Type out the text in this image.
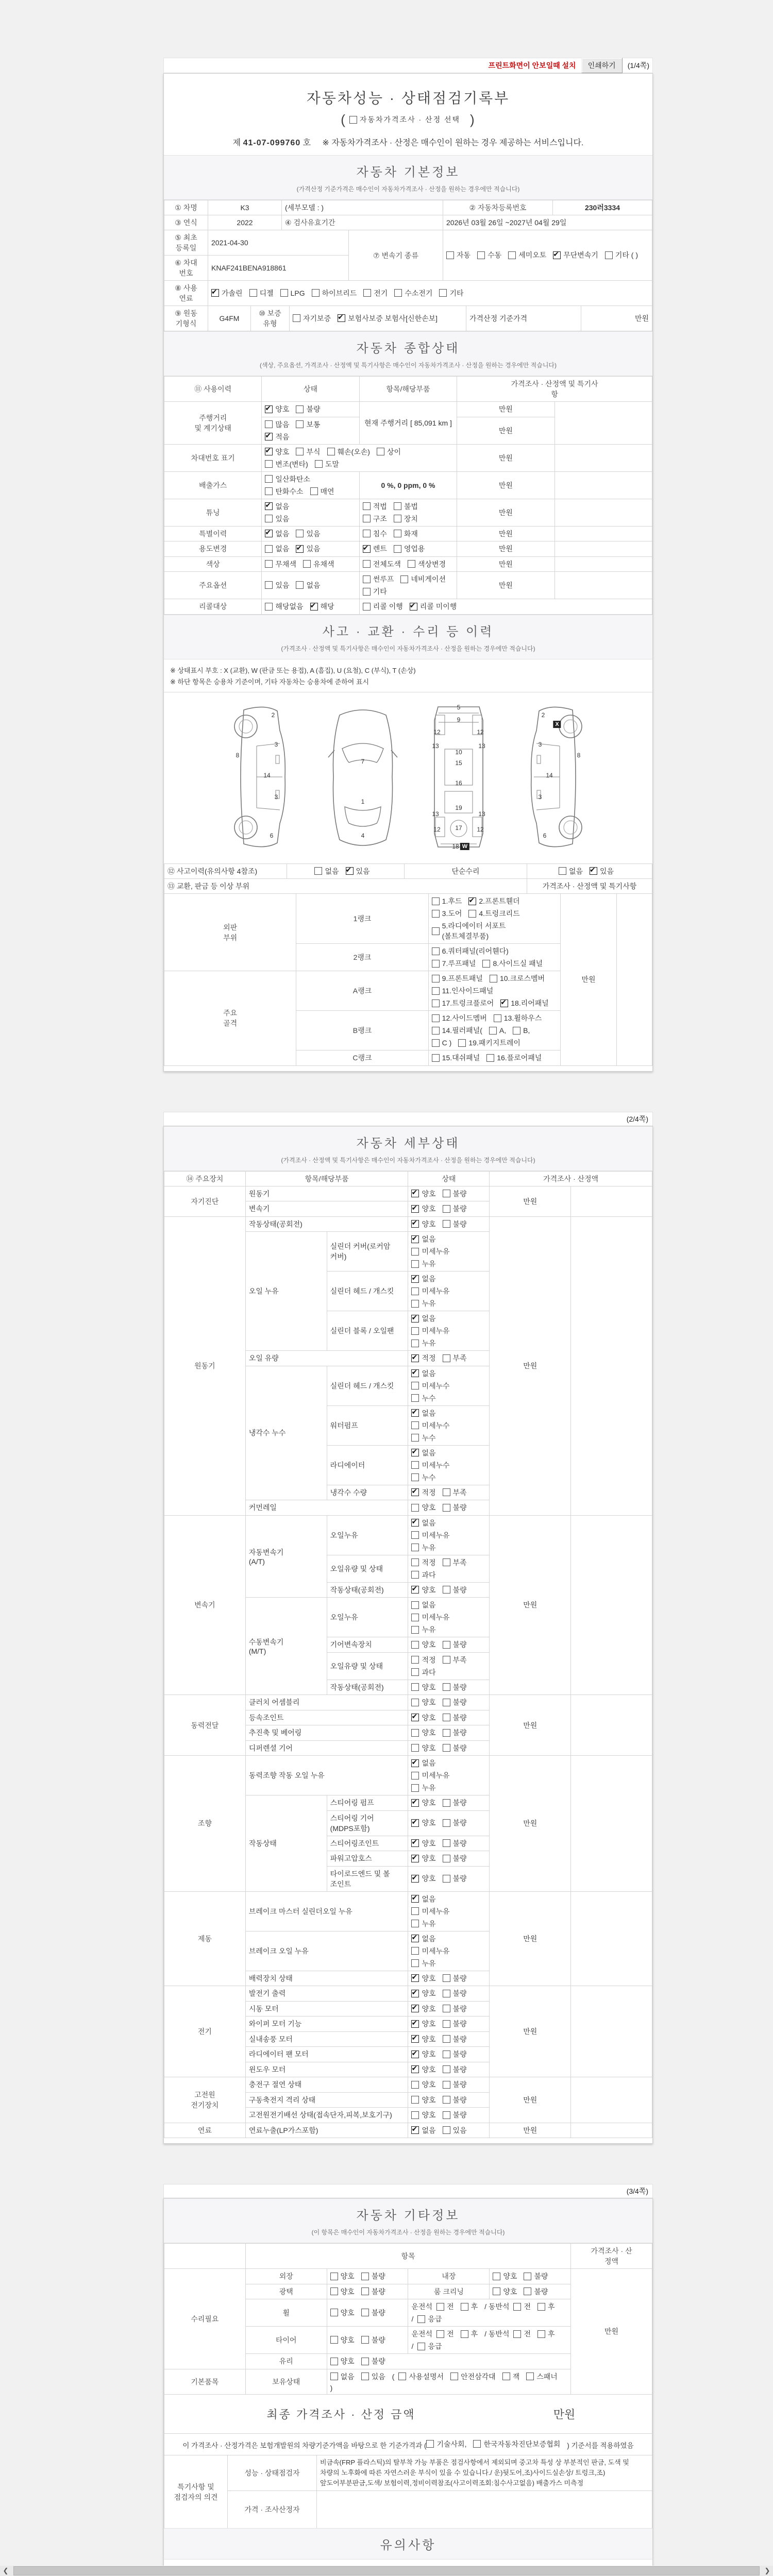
프린트화면이 안보일때 설치	인쇄하기	(1/4쪽)
자동차성능 · 상태점검기록부
( 자동차가격조사 · 산정 선택 )
제 41-07-099760 호 ※ 자동차가격조사 · 산정은 매수인이 원하는 경우 제공하는 서비스입니다.
자동차 기본정보
(가격산정 기준가격은 매수인이 자동차가격조사 · 산정을 원하는 경우에만 적습니다)
① 차명	K3	(세부모델 : )	② 자동차등록번호	230러3334
③ 연식	2022	④ 검사유효기간	2026년 03월 26일 ~2027년 04월 29일	
⑤ 최초
등록일	2021-04-30	⑦ 변속기 종류	자동 수동 세미오토 ✔ 무단변속기 기타 ( )

⑥ 차대
번호	KNAF241BENA918861		
⑧ 사용
연료	
✔
가솔린 디젤 LPG 하이브리드 전기 수소전기 기타
⑨ 원동
기형식	G4FM	⑩ 보증
유형	
자기보증 ✔ 보험사보증 보험사[신한손보]	가격산정 기준가격	만원
자동차 종합상태
(색상, 주요옵션, 가격조사 · 산정액 및 특기사항은 매수인이 자동차가격조사 · 산정을 원하는 경우에만 적습니다)
⑪ 사용이력	상태	항목/해당부품	가격조사 · 산정액 및 특기사
항	
주행거리
및 계기상태	
✔
양호 불량	현재 주행거리 [ 85,091 km ]	만원	

	많음 보통
✔
적음		만원	
차대번호 표기	
✔
양호 부식 훼손(오손) 상이
변조(변타) 도말
	만원	
배출가스	일산화탄소
탄화수소 매연	0 %, 0 ppm, 0 %	만원	
튜닝	
✔
없음
있음	적법 불법
구조 장치	만원	
특별이력	
✔없음 있음	침수 화재	만원	
용도변경	없음 ✔ 있음

✔렌트 영업용	만원	
색상	무채색 유채색	전체도색 색상변경	만원	
주요옵션	있음 없음	썬루프 네비게이션
기타	만원	
리콜대상	해당없음 ✔ 해당	리콜 이행 ✔ 리콜 미이행
사고 · 교환 · 수리 등 이력
(가격조사 · 산정액 및 특기사항은 매수인이 자동차가격조사 · 산정을 원하는 경우에만 적습니다)
※ 상태표시 부호 : X (교환), W (판금 또는 용접), A (흠집), U (요철), C (부식), T (손상)
※ 하단 항목은 승용차 기준이며, 기타 자동차는 승용차에 준하여 표시
2
3
8
14
3
6
7
1
4
5
9
12	12
13	13
10
15
16
19
13	13
12 17 12
18 W
2
X
3
8
14
3
6
⑫ 사고이력(유의사항 4참조)	없음 ✔ 있음	단순수리	없음 ✔ 있음

⑬ 교환, 판금 등 이상 부위			가격조사 · 산정액 및 특기사항
외판
부위	1랭크	1.후드 ✔ 2.프론트휀더
3.도어 4.트렁크리드
5.라디에이터 서포트(볼트체결부품)	만원	
	2랭크	6.쿼터패널(리어휀다)
7.루프패널 8.사이드실 패널		

주요
골격	A랭크	9.프론트패널 10.크로스멤버
11.인사이드패널
17.트렁크플로어 ✔ 18.리어패널

B랭크	
12.사이드멤버 13.휠하우스
14.필러패널( A, B,
C ) 19.패키지트레이

	C랭크	15.대쉬패널 16.플로어패널		
(2/4쪽)
자동차 세부상태
(가격조사 · 산정액 및 특기사항은 매수인이 자동차가격조사 · 산정을 원하는 경우에만 적습니다)
⑭ 주요장치	항목/해당부품		상태	가격조사 · 산정액	
자기진단	원동기	
✔양호 불량	만원	
	변속기	
✔양호 불량

원동기	작동상태(공회전)	
✔양호 불량	만원	
	오일 누유	실린더 커버(로커암 커버)	
✔
없음
미세누유
누유

		실린더 헤드 / 개스킷	
✔
없음
미세누유
누유

		실린더 블록 / 오일팬	
✔
없음
미세누유
누유

	오일 유량	
✔적정 부족

	냉각수 누수	실린더 헤드 / 개스킷	
✔
없음
미세누수
누수

		워터펌프	
✔
없음
미세누수
누수

		라디에이터	
✔
없음
미세누수
누수

		냉각수 수량	
✔적정 부족

	커먼레일		양호 불량		

변속기	자동변속기
(A/T)	오일누유	
✔
없음
미세누유
누유	만원	
		오일유량 및 상태	적정 부족
과다		

		작동상태(공회전)	
✔양호 불량

	수동변속기
(M/T)	오일누유	없음
미세누유
누유		

		기어변속장치	양호 불량		

		오일유량 및 상태	적정 부족
과다		

		작동상태(공회전)	양호 불량		

동력전달	클러치 어셈블리		양호 불량	만원	
	등속조인트	
✔양호 불량

	추진축 및 베어링		양호 불량		

	디퍼렌셜 기어		양호 불량		

조향	동력조향 작동 오일 누유	
✔
없음
미세누유
누유	만원	
	작동상태	스티어링 펌프	
✔양호 불량

		스티어링 기어(MDPS포함)	
✔
양호 불량

		스티어링조인트	
✔양호 불량

		파워고압호스	
✔양호 불량

		타이로드엔드 및 볼 조인트	
✔
양호 불량

제동	브레이크 마스터 실린더오일 누유	
✔
없음
미세누유
누유	만원	
	브레이크 오일 누유	
✔
없음
미세누유
누유

	배력장치 상태	
✔양호 불량

전기	발전기 출력	
✔양호 불량	만원	
	시동 모터	
✔양호 불량

	와이퍼 모터 기능	
✔양호 불량

	실내송풍 모터	
✔양호 불량

	라디에이터 팬 모터	
✔양호 불량

	윈도우 모터	
✔양호 불량

고전원
전기장치	충전구 절연 상태		양호 불량	만원	
	구동축전지 격리 상태		양호 불량		

	고전원전기배선 상태(접속단자,피복,보호기구)		양호 불량		

연료	연료누출(LP가스포함)	
✔없음 있음	만원	
(3/4쪽)
자동차 기타정보
(이 항목은 매수인이 자동차가격조사 · 산정을 원하는 경우에만 적습니다)
	항목				가격조사 · 산
정액
수리필요	외장	양호 불량	내장	양호 불량	만원
	광택	양호 불량	룸 크리닝	양호 불량	

휠	양호 불량

운전석 전 후 / 동반석 전 후
/ 응급

타이어	양호 불량

운전석 전 후 / 동반석 전 후
/ 응급

	유리	양호 불량			

기본품목	보유상태	
없음 있음 ( 사용설명서 안전삼각대 잭 스패너
)
최종 가격조사 · 산정 금액	만원
이 가격조사 · 산정가격은 보험개발원의 차량기준가액을 바탕으로 한 기준가격과 ( 기술사회, 한국자동차진단보증협회 ) 기준서를 적용하였음
특기사항 및
점검자의 의견	성능 · 상태점검자	비금속(FRP 플라스틱)의 탈부착 가능 부품은 점검사항에서 제외되며 중고차 특성 상 부분적인 판금, 도색 및 차량의 노후화에 따른 자연스러운 부식이 있을 수 있습니다./ 운)뒷도어,조)사이드실손상/ 트렁크,조)앞도어부분판금,도색/ 보험이력,정비이력참조(사고이력조회:침수사고없음) 배출가스 미측정
	가격 · 조사산정자	
유의사항

❮	❯
